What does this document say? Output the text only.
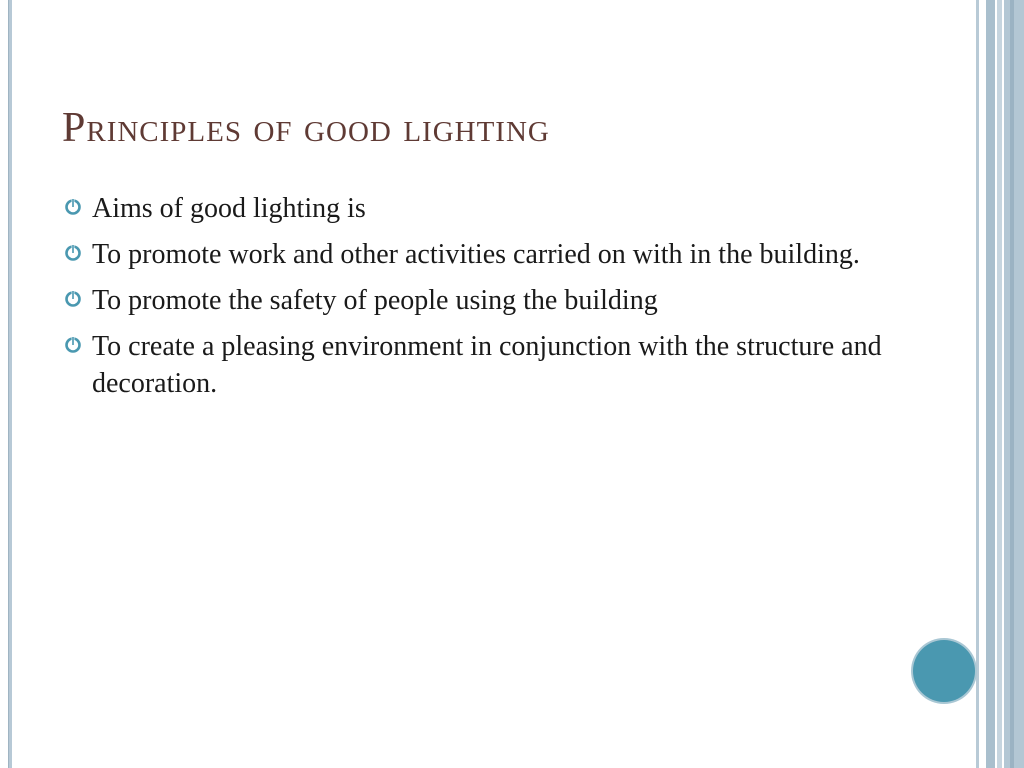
Principles of good lighting
Aims of good lighting is
To promote work and other activities carried on with in the building.
To promote the safety of people using the building
To create a pleasing environment in conjunction with the structure and decoration.
